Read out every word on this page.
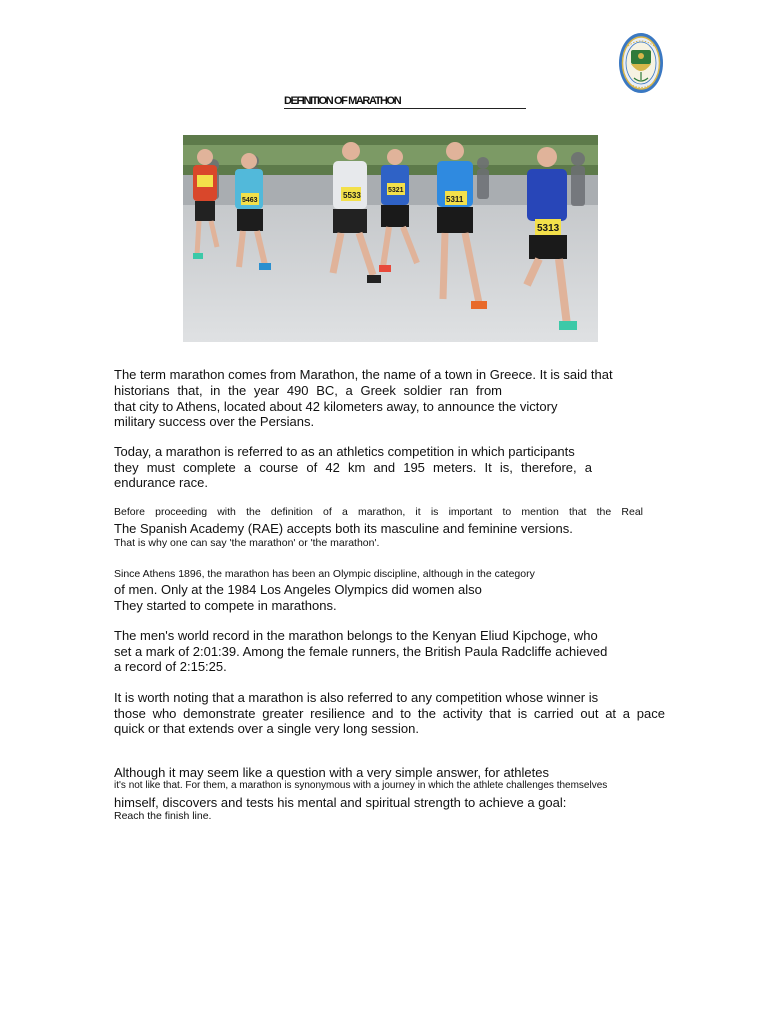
DEFINITION OF MARATHON
5313
5533
5463
5321
5311
The term marathon comes from Marathon, the name of a town in Greece. It is said that
historians that, in the year 490 BC, a Greek soldier ran from
that city to Athens, located about 42 kilometers away, to announce the victory
military success over the Persians.
Today, a marathon is referred to as an athletics competition in which participants
they must complete a course of 42 km and 195 meters. It is, therefore, a
endurance race.
Before proceeding with the definition of a marathon, it is important to mention that the Real
The Spanish Academy (RAE) accepts both its masculine and feminine versions.
That is why one can say 'the marathon' or 'the marathon'.
Since Athens 1896, the marathon has been an Olympic discipline, although in the category
of men. Only at the 1984 Los Angeles Olympics did women also
They started to compete in marathons.
The men's world record in the marathon belongs to the Kenyan Eliud Kipchoge, who
set a mark of 2:01:39. Among the female runners, the British Paula Radcliffe achieved
a record of 2:15:25.
It is worth noting that a marathon is also referred to any competition whose winner is
those who demonstrate greater resilience and to the activity that is carried out at a pace
quick or that extends over a single very long session.
Although it may seem like a question with a very simple answer, for athletes
it's not like that. For them, a marathon is synonymous with a journey in which the athlete challenges themselves
himself, discovers and tests his mental and spiritual strength to achieve a goal:
Reach the finish line.
